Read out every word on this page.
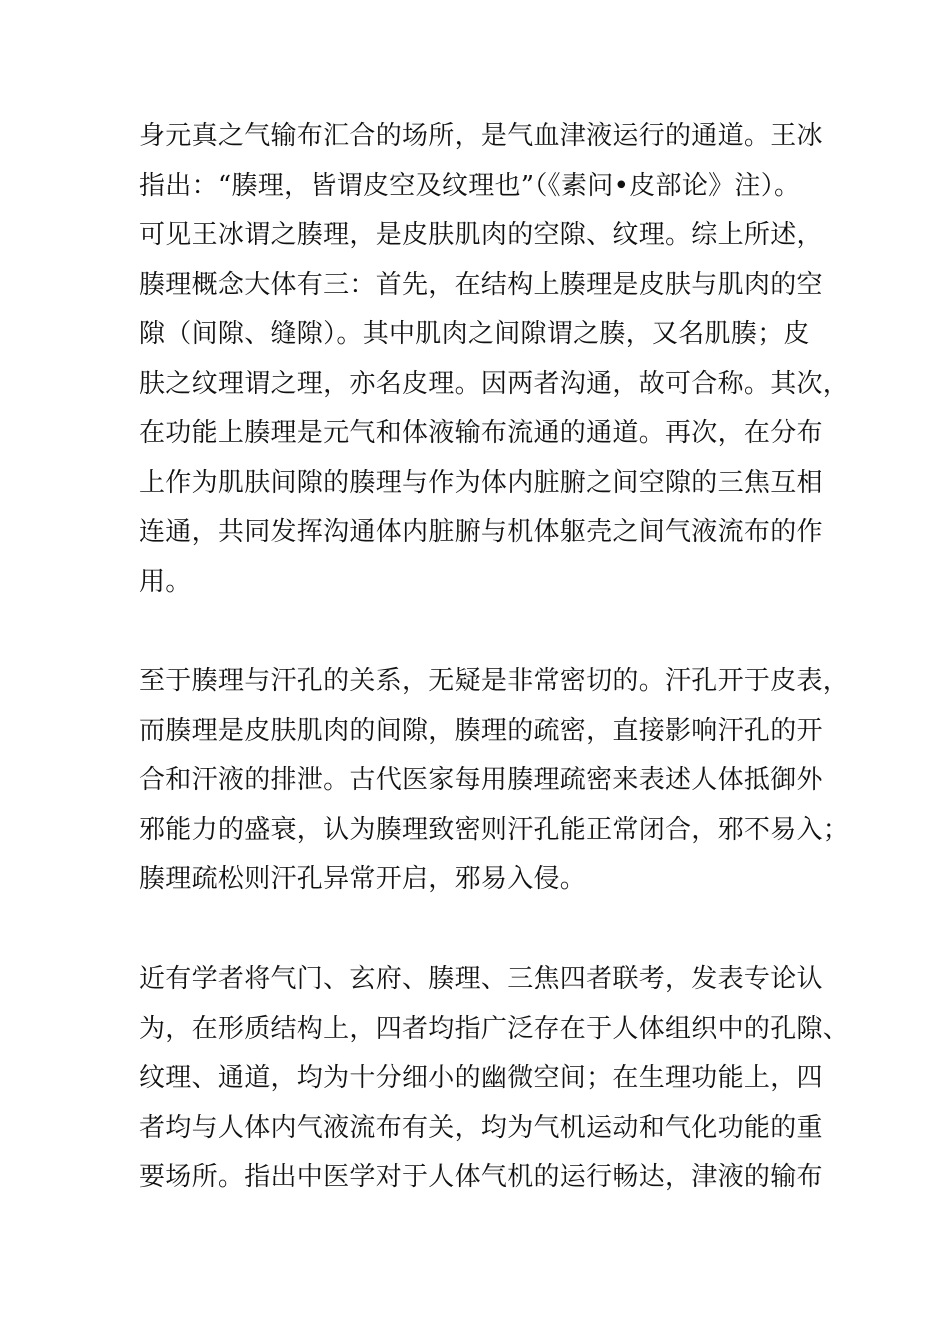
身元真之气输布汇合的场所，是气血津液运行的通道。王冰
指出：“腠理，皆谓皮空及纹理也”（《素问•皮部论》注）。
可见王冰谓之腠理，是皮肤肌肉的空隙、纹理。综上所述，
腠理概念大体有三：首先，在结构上腠理是皮肤与肌肉的空
隙（间隙、缝隙）。其中肌肉之间隙谓之腠，又名肌腠；皮
肤之纹理谓之理，亦名皮理。因两者沟通，故可合称。其次，
在功能上腠理是元气和体液输布流通的通道。再次，在分布
上作为肌肤间隙的腠理与作为体内脏腑之间空隙的三焦互相
连通，共同发挥沟通体内脏腑与机体躯壳之间气液流布的作
用。
至于腠理与汗孔的关系，无疑是非常密切的。汗孔开于皮表，
而腠理是皮肤肌肉的间隙，腠理的疏密，直接影响汗孔的开
合和汗液的排泄。古代医家每用腠理疏密来表述人体抵御外
邪能力的盛衰，认为腠理致密则汗孔能正常闭合，邪不易入；
腠理疏松则汗孔异常开启，邪易入侵。
近有学者将气门、玄府、腠理、三焦四者联考，发表专论认
为，在形质结构上，四者均指广泛存在于人体组织中的孔隙、
纹理、通道，均为十分细小的幽微空间；在生理功能上，四
者均与人体内气液流布有关，均为气机运动和气化功能的重
要场所。指出中医学对于人体气机的运行畅达，津液的输布
